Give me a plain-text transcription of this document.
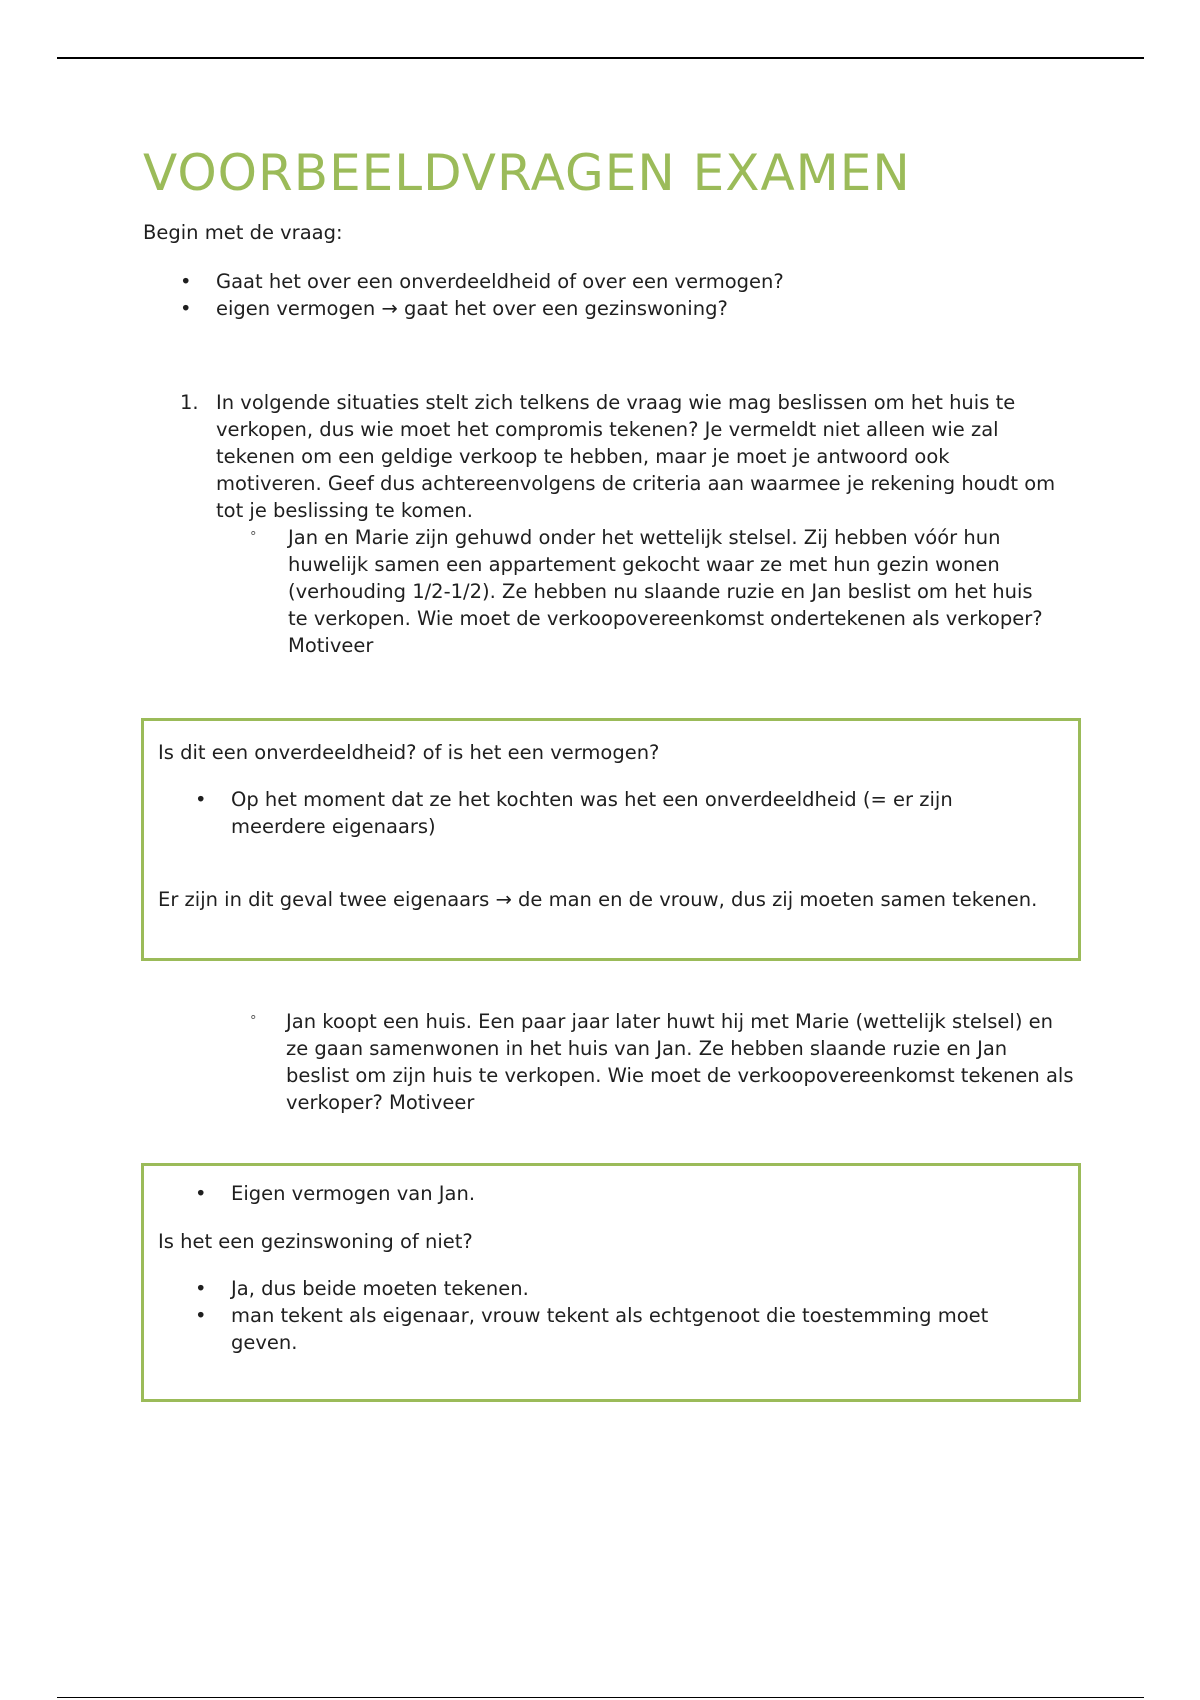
VOORBEELDVRAGEN EXAMEN

Begin met de vraag:

• Gaat het over een onverdeeldheid of over een vermogen?
• eigen vermogen → gaat het over een gezinswoning?
1. In volgende situaties stelt zich telkens de vraag wie mag beslissen om het huis te verkopen, dus wie moet het compromis tekenen? Je vermeldt niet alleen wie zal tekenen om een geldige verkoop te hebben, maar je moet je antwoord ook motiveren. Geef dus achtereenvolgens de criteria aan waarmee je rekening houdt om tot je beslissing te komen.

° Jan en Marie zijn gehuwd onder het wettelijk stelsel. Zij hebben vóór hun huwelijk samen een appartement gekocht waar ze met hun gezin wonen (verhouding 1/2-1/2). Ze hebben nu slaande ruzie en Jan beslist om het huis te verkopen. Wie moet de verkoopovereenkomst ondertekenen als verkoper? Motiveer

Is dit een onverdeeldheid? of is het een vermogen?

• Op het moment dat ze het kochten was het een onverdeeldheid (= er zijn meerdere eigenaars)

Er zijn in dit geval twee eigenaars → de man en de vrouw, dus zij moeten samen tekenen.

° Jan koopt een huis. Een paar jaar later huwt hij met Marie (wettelijk stelsel) en ze gaan samenwonen in het huis van Jan. Ze hebben slaande ruzie en Jan beslist om zijn huis te verkopen. Wie moet de verkoopovereenkomst tekenen als verkoper? Motiveer

• Eigen vermogen van Jan.

Is het een gezinswoning of niet?

• Ja, dus beide moeten tekenen.
• man tekent als eigenaar, vrouw tekent als echtgenoot die toestemming moet geven.
